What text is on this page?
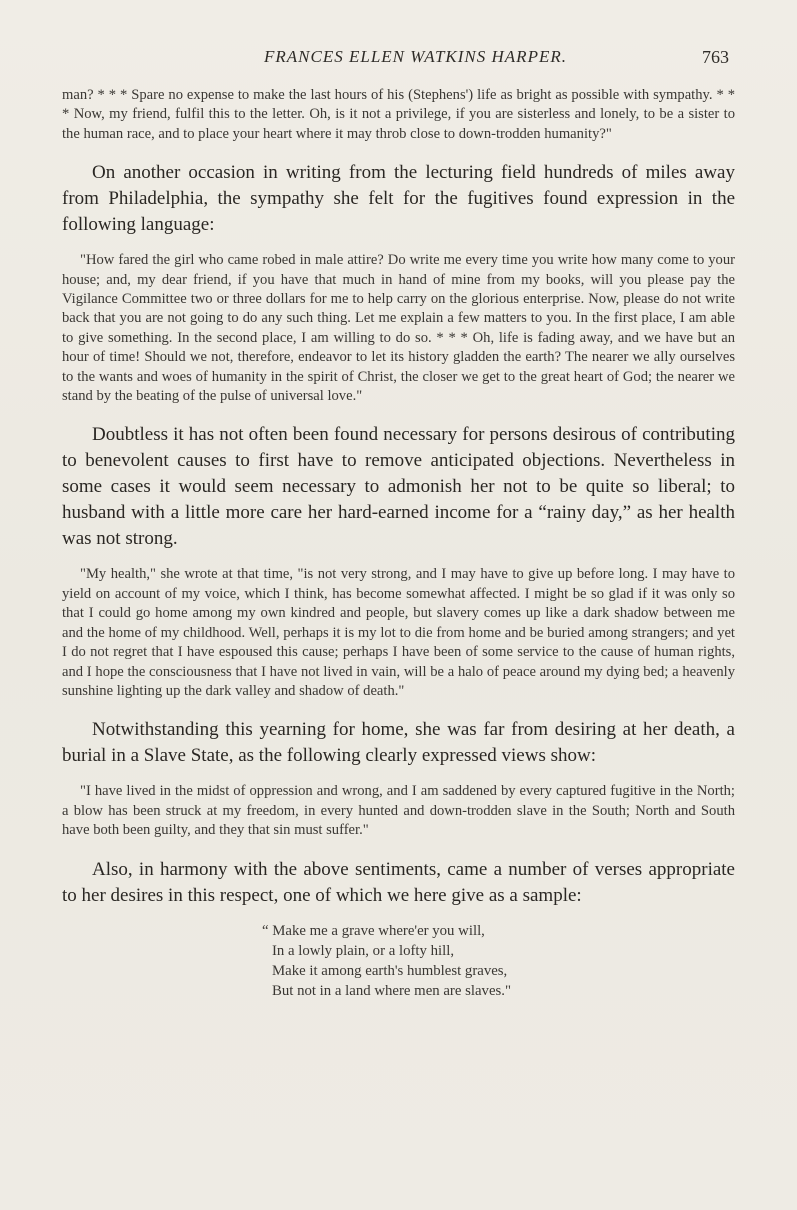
FRANCES ELLEN WATKINS HARPER.	763

man? * * * Spare no expense to make the last hours of his (Stephens') life as bright as possible with sympathy. * * * Now, my friend, fulfil this to the letter. Oh, is it not a privilege, if you are sisterless and lonely, to be a sister to the human race, and to place your heart where it may throb close to down-trodden humanity?"

On another occasion in writing from the lecturing field hundreds of miles away from Philadelphia, the sympathy she felt for the fugitives found expression in the following language:

"How fared the girl who came robed in male attire? Do write me every time you write how many come to your house; and, my dear friend, if you have that much in hand of mine from my books, will you please pay the Vigilance Committee two or three dollars for me to help carry on the glorious enterprise. Now, please do not write back that you are not going to do any such thing. Let me explain a few matters to you. In the first place, I am able to give something. In the second place, I am willing to do so. * * * Oh, life is fading away, and we have but an hour of time! Should we not, therefore, endeavor to let its history gladden the earth? The nearer we ally ourselves to the wants and woes of humanity in the spirit of Christ, the closer we get to the great heart of God; the nearer we stand by the beating of the pulse of universal love."

Doubtless it has not often been found necessary for persons desirous of contributing to benevolent causes to first have to remove anticipated objections. Nevertheless in some cases it would seem necessary to admonish her not to be quite so liberal; to husband with a little more care her hard-earned income for a “rainy day,” as her health was not strong.

"My health," she wrote at that time, "is not very strong, and I may have to give up before long. I may have to yield on account of my voice, which I think, has become somewhat affected. I might be so glad if it was only so that I could go home among my own kindred and people, but slavery comes up like a dark shadow between me and the home of my childhood. Well, perhaps it is my lot to die from home and be buried among strangers; and yet I do not regret that I have espoused this cause; perhaps I have been of some service to the cause of human rights, and I hope the consciousness that I have not lived in vain, will be a halo of peace around my dying bed; a heavenly sunshine lighting up the dark valley and shadow of death."

Notwithstanding this yearning for home, she was far from desiring at her death, a burial in a Slave State, as the following clearly expressed views show:

"I have lived in the midst of oppression and wrong, and I am saddened by every captured fugitive in the North; a blow has been struck at my freedom, in every hunted and down-trodden slave in the South; North and South have both been guilty, and they that sin must suffer."

Also, in harmony with the above sentiments, came a number of verses appropriate to her desires in this respect, one of which we here give as a sample:

“ Make me a grave where'er you will,
In a lowly plain, or a lofty hill,
Make it among earth's humblest graves,
But not in a land where men are slaves."
